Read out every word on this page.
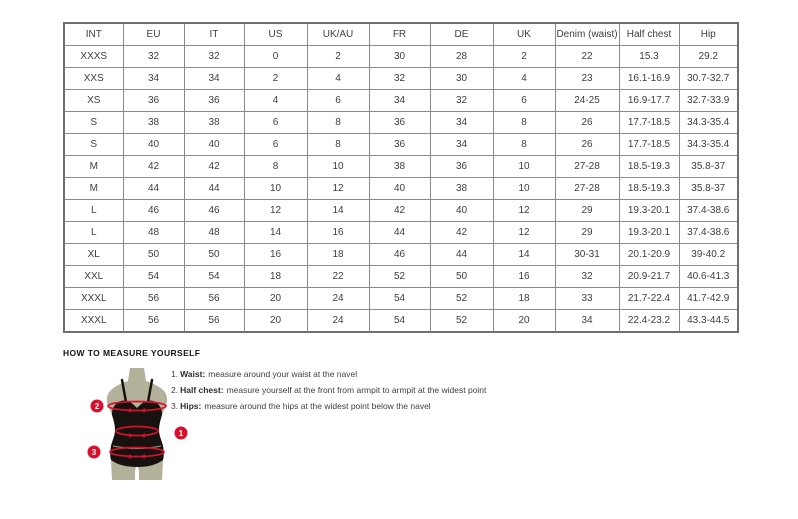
INT	EU	IT	US	UK/AU	FR	DE	UK	Denim (waist)	Half chest	Hip
XXXS	32	32	0	2	30	28	2	22	15.3	29.2
XXS	34	34	2	4	32	30	4	23	16.1-16.9	30.7-32.7
XS	36	36	4	6	34	32	6	24-25	16.9-17.7	32.7-33.9
S	38	38	6	8	36	34	8	26	17.7-18.5	34.3-35.4
S	40	40	6	8	36	34	8	26	17.7-18.5	34.3-35.4
M	42	42	8	10	38	36	10	27-28	18.5-19.3	35.8-37
M	44	44	10	12	40	38	10	27-28	18.5-19.3	35.8-37
L	46	46	12	14	42	40	12	29	19.3-20.1	37.4-38.6
L	48	48	14	16	44	42	12	29	19.3-20.1	37.4-38.6
XL	50	50	16	18	46	44	14	30-31	20.1-20.9	39-40.2
XXL	54	54	18	22	52	50	16	32	20.9-21.7	40.6-41.3
XXXL	56	56	20	24	54	52	18	33	21.7-22.4	41.7-42.9
XXXL	56	56	20	24	54	52	20	34	22.4-23.2	43.3-44.5
HOW TO MEASURE YOURSELF
1. Waist: measure around your waist at the navel
2. Half chest: measure yourself at the front from armpit to armpit at the widest point
3. Hips: measure around the hips at the widest point below the navel
2
1
3
